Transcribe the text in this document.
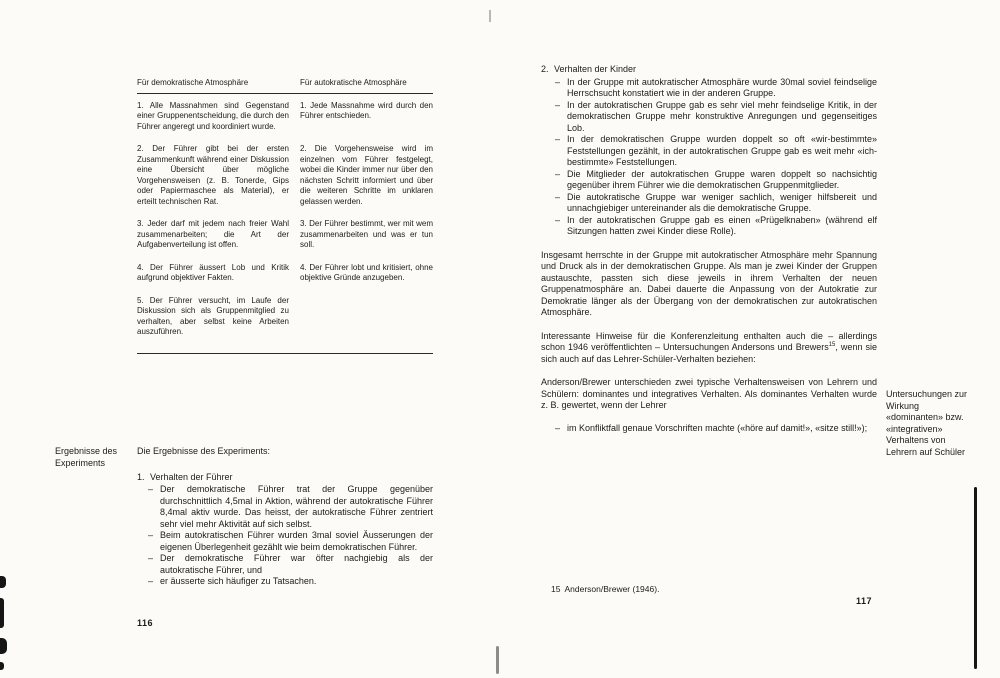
Für demokratische Atmosphäre	Für autokratische Atmosphäre
1. Alle Massnahmen sind Gegenstand einer Gruppenentscheidung, die durch den Führer angeregt und koordiniert wurde.
1. Jede Massnahme wird durch den Führer entschieden.
2. Der Führer gibt bei der ersten Zusammenkunft während einer Diskussion eine Übersicht über mögliche Vorgehensweisen (z. B. Tonerde, Gips oder Papiermaschee als Material), er erteilt technischen Rat.
2. Die Vorgehensweise wird im einzelnen vom Führer festgelegt, wobei die Kinder immer nur über den nächsten Schritt informiert und über die weiteren Schritte im unklaren gelassen werden.
3. Jeder darf mit jedem nach freier Wahl zusammenarbeiten; die Art der Aufgabenverteilung ist offen.
3. Der Führer bestimmt, wer mit wem zusammenarbeiten und was er tun soll.
4. Der Führer äussert Lob und Kritik aufgrund objektiver Fakten.
4. Der Führer lobt und kritisiert, ohne objektive Gründe anzugeben.
5. Der Führer versucht, im Laufe der Diskussion sich als Gruppenmitglied zu verhalten, aber selbst keine Arbeiten auszuführen.
Ergebnisse des Experiments
Die Ergebnisse des Experiments:
1. Verhalten der Führer
– Der demokratische Führer trat der Gruppe gegenüber durchschnittlich 4,5mal in Aktion, während der autokratische Führer 8,4mal aktiv wurde. Das heisst, der autokratische Führer zentriert sehr viel mehr Aktivität auf sich selbst.
– Beim autokratischen Führer wurden 3mal soviel Äusserungen der eigenen Überlegenheit gezählt wie beim demokratischen Führer.
– Der demokratische Führer war öfter nachgiebig als der autokratische Führer, und
– er äusserte sich häufiger zu Tatsachen.
116
2. Verhalten der Kinder
– In der Gruppe mit autokratischer Atmosphäre wurde 30mal soviel feindselige Herrschsucht konstatiert wie in der anderen Gruppe.
– In der autokratischen Gruppe gab es sehr viel mehr feindselige Kritik, in der demokratischen Gruppe mehr konstruktive Anregungen und gegenseitiges Lob.
– In der demokratischen Gruppe wurden doppelt so oft «wir-bestimmte» Feststellungen gezählt, in der autokratischen Gruppe gab es weit mehr «ich-bestimmte» Feststellungen.
– Die Mitglieder der autokratischen Gruppe waren doppelt so nachsichtig gegenüber ihrem Führer wie die demokratischen Gruppenmitglieder.
– Die autokratische Gruppe war weniger sachlich, weniger hilfsbereit und unnachgiebiger untereinander als die demokratische Gruppe.
– In der autokratischen Gruppe gab es einen «Prügelknaben» (während elf Sitzungen hatten zwei Kinder diese Rolle).
Insgesamt herrschte in der Gruppe mit autokratischer Atmosphäre mehr Spannung und Druck als in der demokratischen Gruppe. Als man je zwei Kinder der Gruppen austauschte, passten sich diese jeweils in ihrem Verhalten der neuen Gruppenatmosphäre an. Dabei dauerte die Anpassung von der Autokratie zur Demokratie länger als der Übergang von der demokratischen zur autokratischen Atmosphäre.
Interessante Hinweise für die Konferenzleitung enthalten auch die – allerdings schon 1946 veröffentlichten – Untersuchungen Andersons und Brewers$^{15}$, wenn sie sich auch auf das Lehrer-Schüler-Verhalten beziehen:
Anderson/Brewer unterschieden zwei typische Verhaltensweisen von Lehrern und Schülern: dominantes und integratives Verhalten. Als dominantes Verhalten wurde z. B. gewertet, wenn der Lehrer
– im Konfliktfall genaue Vorschriften machte («höre auf damit!», «sitze still!»);
Untersuchungen zur Wirkung «dominanten» bzw. «integrativen» Verhaltens von Lehrern auf Schüler
15 Anderson/Brewer (1946).
117
